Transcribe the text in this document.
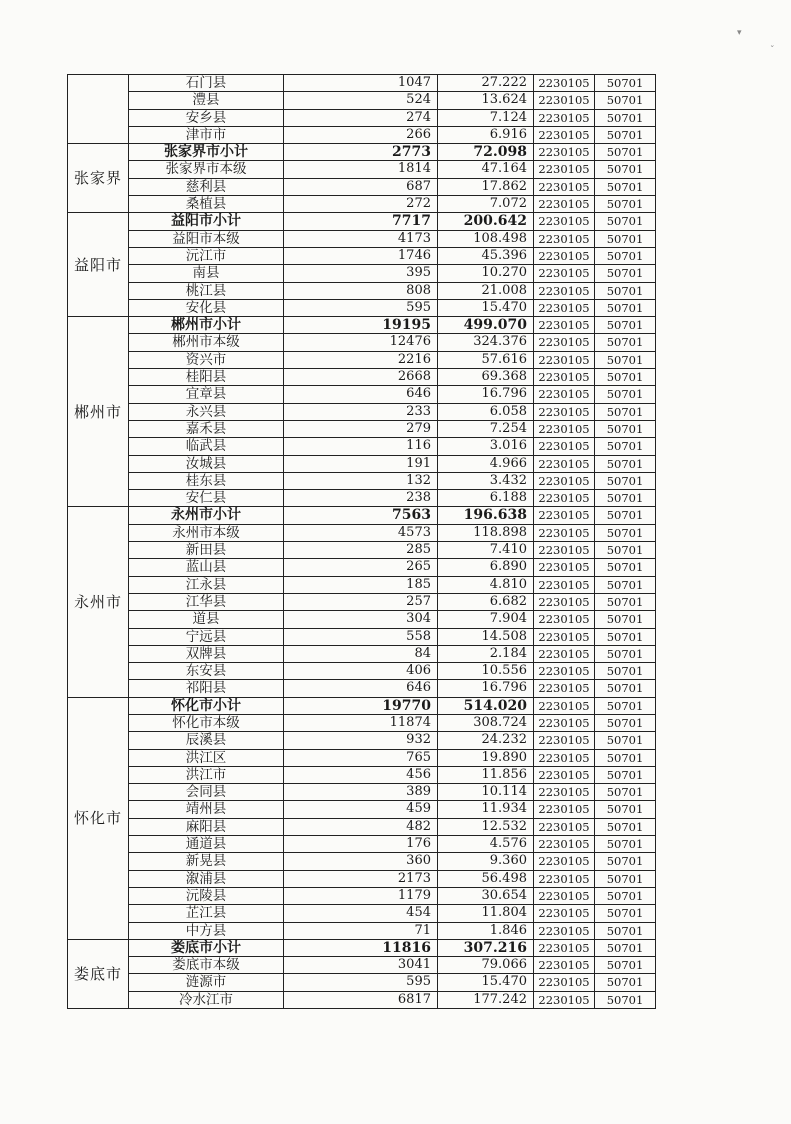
▾
ˇ
	石门县	1047	27.222	2230105	50701
	澧县	524	13.624	2230105	50701
	安乡县	274	7.124	2230105	50701
	津市市	266	6.916	2230105	50701
张家界	张家界市小计	2773	72.098	2230105	50701
	张家界市本级	1814	47.164	2230105	50701
	慈利县	687	17.862	2230105	50701
	桑植县	272	7.072	2230105	50701
益阳市	益阳市小计	7717	200.642	2230105	50701
	益阳市本级	4173	108.498	2230105	50701
	沅江市	1746	45.396	2230105	50701
	南县	395	10.270	2230105	50701
	桃江县	808	21.008	2230105	50701
	安化县	595	15.470	2230105	50701
郴州市	郴州市小计	19195	499.070	2230105	50701
	郴州市本级	12476	324.376	2230105	50701
	资兴市	2216	57.616	2230105	50701
	桂阳县	2668	69.368	2230105	50701
	宜章县	646	16.796	2230105	50701
	永兴县	233	6.058	2230105	50701
	嘉禾县	279	7.254	2230105	50701
	临武县	116	3.016	2230105	50701
	汝城县	191	4.966	2230105	50701
	桂东县	132	3.432	2230105	50701
	安仁县	238	6.188	2230105	50701
永州市	永州市小计	7563	196.638	2230105	50701
	永州市本级	4573	118.898	2230105	50701
	新田县	285	7.410	2230105	50701
	蓝山县	265	6.890	2230105	50701
	江永县	185	4.810	2230105	50701
	江华县	257	6.682	2230105	50701
	道县	304	7.904	2230105	50701
	宁远县	558	14.508	2230105	50701
	双牌县	84	2.184	2230105	50701
	东安县	406	10.556	2230105	50701
	祁阳县	646	16.796	2230105	50701
怀化市	怀化市小计	19770	514.020	2230105	50701
	怀化市本级	11874	308.724	2230105	50701
	辰溪县	932	24.232	2230105	50701
	洪江区	765	19.890	2230105	50701
	洪江市	456	11.856	2230105	50701
	会同县	389	10.114	2230105	50701
	靖州县	459	11.934	2230105	50701
	麻阳县	482	12.532	2230105	50701
	通道县	176	4.576	2230105	50701
	新晃县	360	9.360	2230105	50701
	溆浦县	2173	56.498	2230105	50701
	沅陵县	1179	30.654	2230105	50701
	芷江县	454	11.804	2230105	50701
	中方县	71	1.846	2230105	50701
娄底市	娄底市小计	11816	307.216	2230105	50701
	娄底市本级	3041	79.066	2230105	50701
	涟源市	595	15.470	2230105	50701
	冷水江市	6817	177.242	2230105	50701
